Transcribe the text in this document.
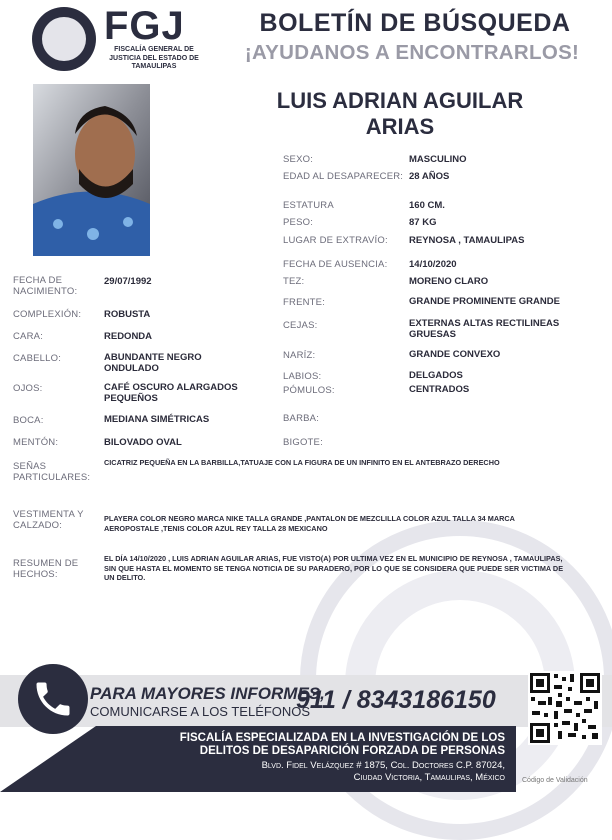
FGJ
FISCALÍA GENERAL DE JUSTICIA DEL ESTADO DE TAMAULIPAS
BOLETÍN DE BÚSQUEDA
¡AYUDANOS A ENCONTRARLOS!
LUIS ADRIAN AGUILAR ARIAS
SEXO:	MASCULINO
EDAD AL DESAPARECER: 28 AÑOS
ESTATURA	160 CM.
PESO:	87 KG
LUGAR DE EXTRAVÍO: REYNOSA , TAMAULIPAS
FECHA DE AUSENCIA: 14/10/2020
TEZ:	MORENO CLARO
FRENTE:	GRANDE PROMINENTE GRANDE
CEJAS:	EXTERNAS ALTAS RECTILINEAS GRUESAS
NARÍZ:	GRANDE CONVEXO
LABIOS:	DELGADOS
PÓMULOS:	CENTRADOS
BARBA:
BIGOTE:
FECHA DE NACIMIENTO:
29/07/1992
COMPLEXIÓN: ROBUSTA
CARA:	REDONDA
CABELLO:	ABUNDANTE NEGRO ONDULADO
OJOS:	CAFÉ OSCURO ALARGADOS PEQUEÑOS
BOCA:	MEDIANA SIMÉTRICAS
MENTÓN:	BILOVADO OVAL
SEÑAS PARTICULARES:
CICATRIZ PEQUEÑA EN LA BARBILLA,TATUAJE CON LA FIGURA DE UN INFINITO EN EL ANTEBRAZO DERECHO
VESTIMENTA Y CALZADO:
PLAYERA COLOR NEGRO MARCA NIKE TALLA GRANDE ,PANTALON DE MEZCLILLA COLOR AZUL TALLA 34 MARCA AEROPOSTALE ,TENIS COLOR AZUL REY TALLA 28 MEXICANO
RESUMEN DE HECHOS:
EL DÍA 14/10/2020 , LUIS ADRIAN AGUILAR ARIAS, FUE VISTO(A) POR ULTIMA VEZ EN EL MUNICIPIO DE REYNOSA , TAMAULIPAS, SIN QUE HASTA EL MOMENTO SE TENGA NOTICIA DE SU PARADERO, POR LO QUE SE CONSIDERA QUE PUEDE SER VICTIMA DE UN DELITO.
PARA MAYORES INFORMES,
COMUNICARSE A LOS TELÉFONOS
911 / 8343186150
FISCALÍA ESPECIALIZADA EN LA INVESTIGACIÓN DE LOS
DELITOS DE DESAPARICIÓN FORZADA DE PERSONAS
Blvd. Fidel Velázquez # 1875, Col. Doctores C.P. 87024,
Ciudad Victoria, Tamaulipas, México Código de Validación
